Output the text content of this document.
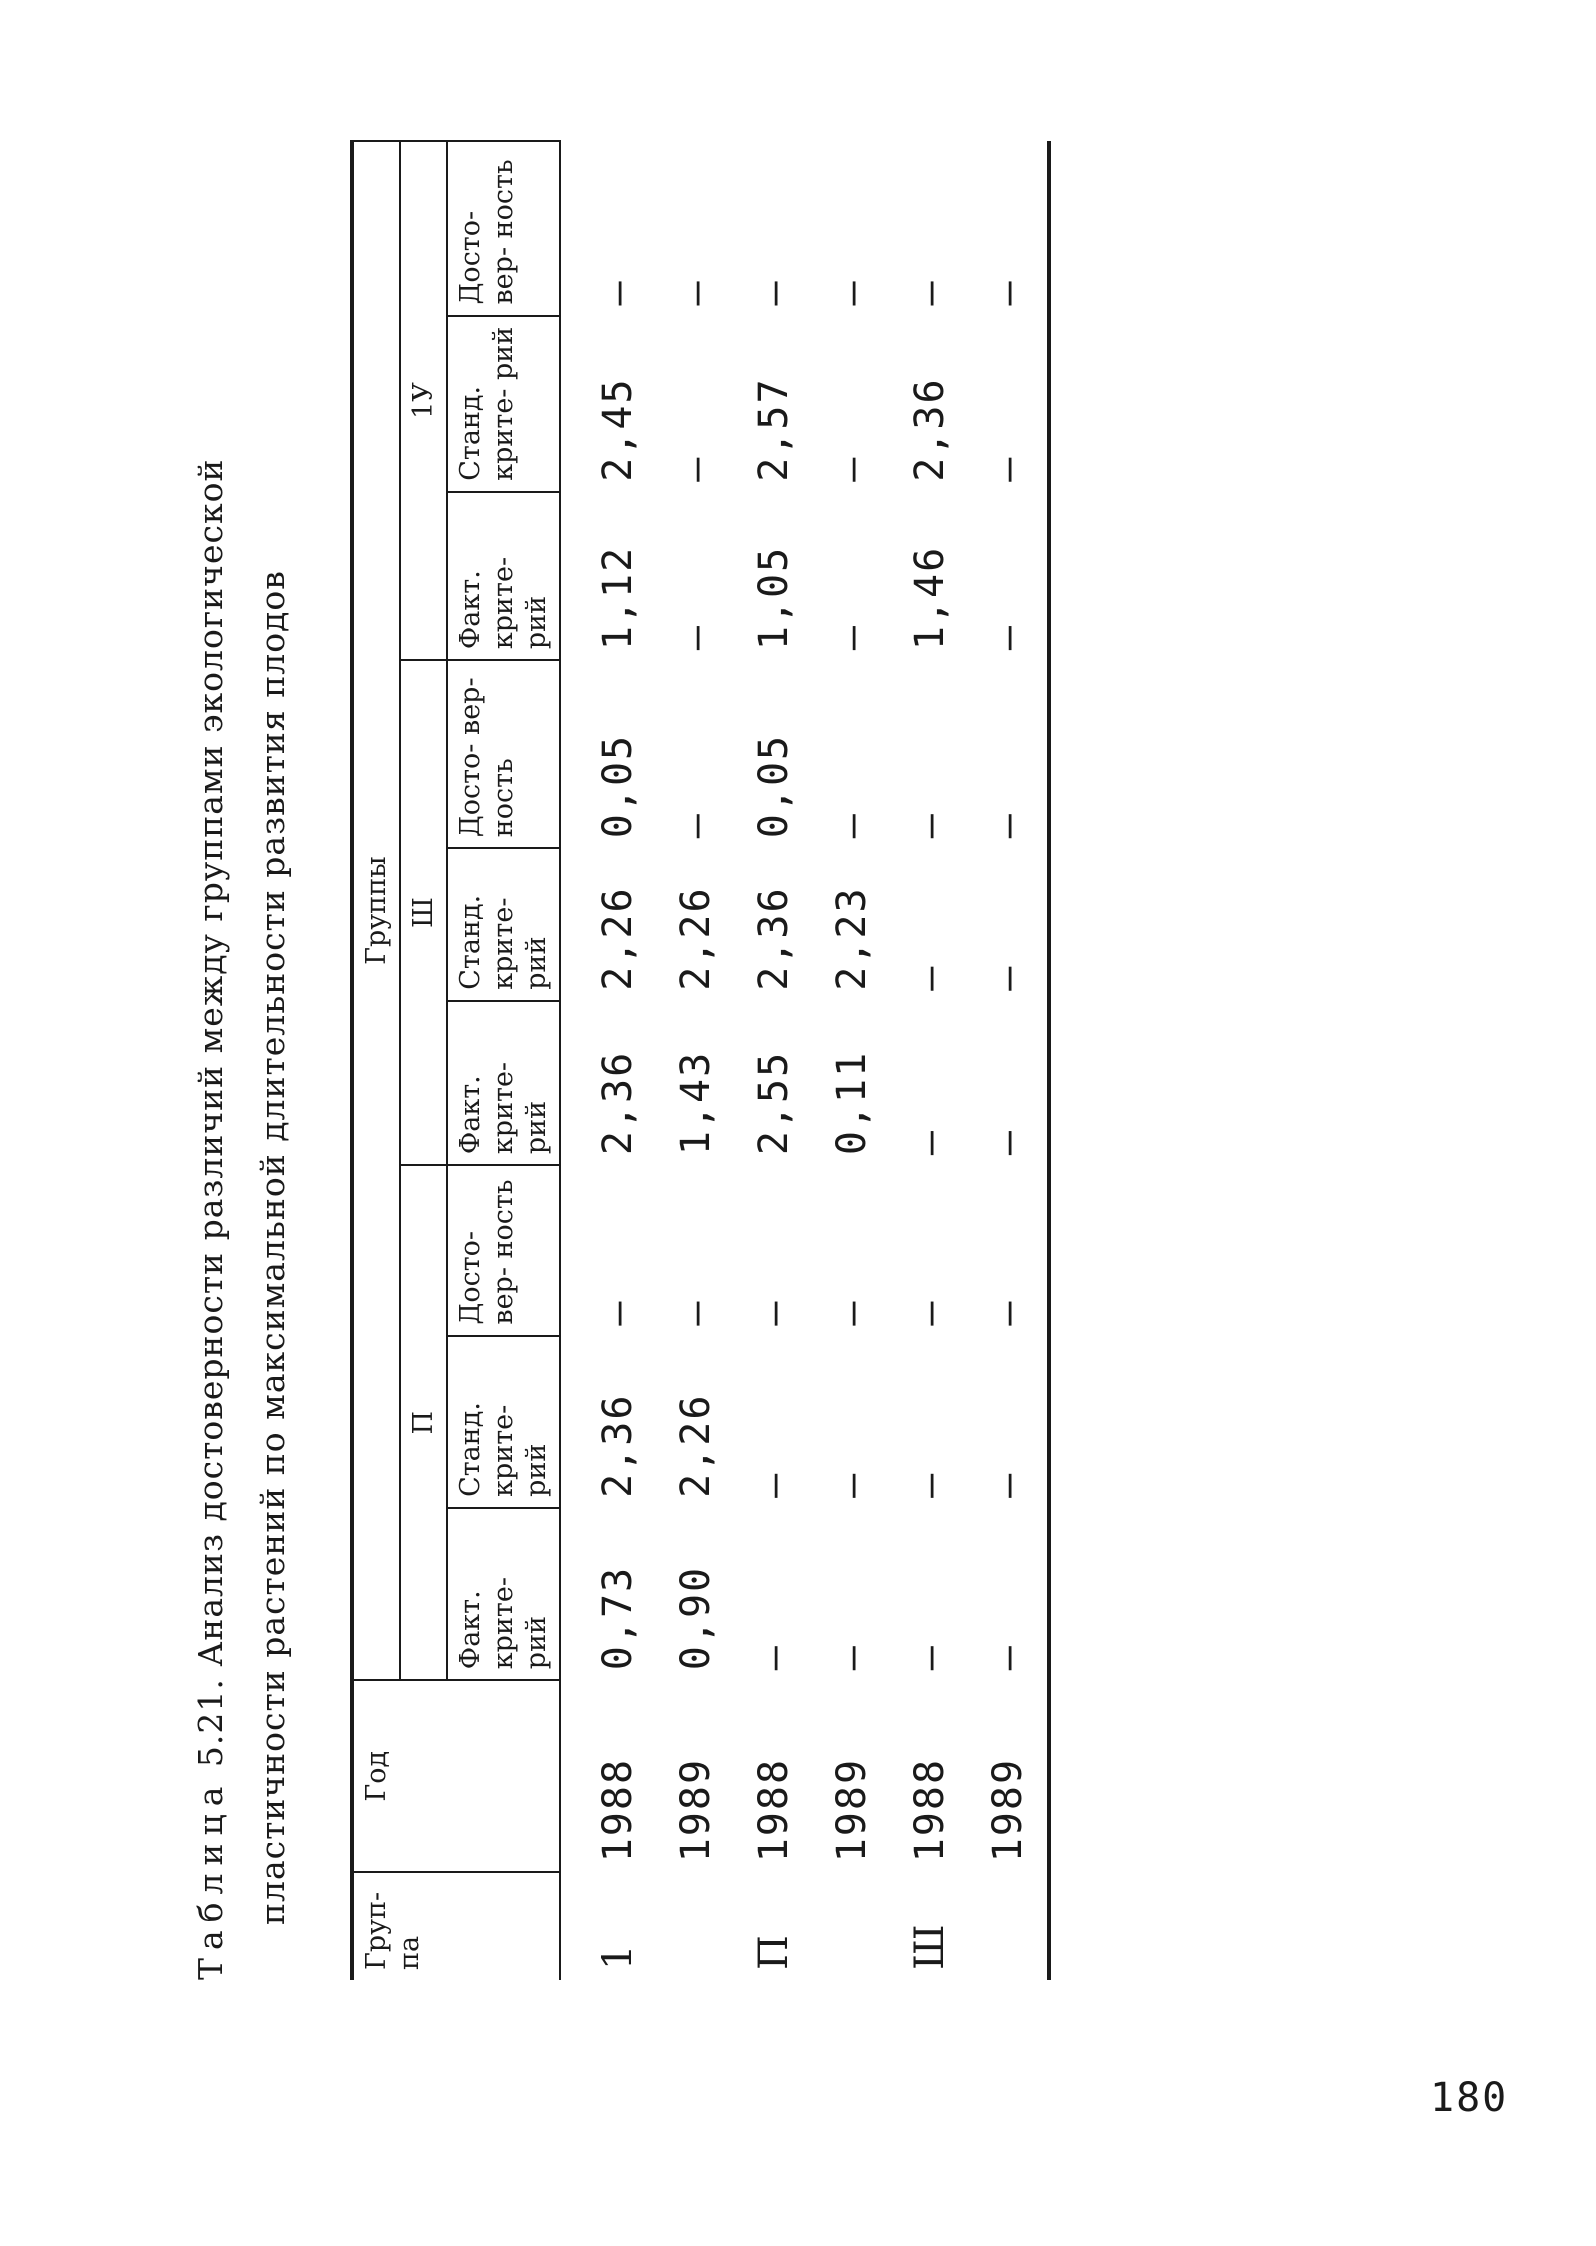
Таблица 5.21. Анализ достоверности различий между группами экологической пластичности растений по максимальной длительности развития плодов
Груп- па	Год	Группы								
		П			Ш			1У		
		Факт. крите- рий	Станд. крите- рий	Досто- вер- ность	Факт. крите- рий	Станд. крите- рий	Досто- вер- ность	Факт. крите- рий	Станд. крите- рий	Досто- вер- ность
1	1988	0,73	2,36	–	2,36	2,26	0,05	1,12	2,45	–
	1989	0,90	2,26	–	1,43	2,26	–	–	–	–
П	1988	–	–	–	2,55	2,36	0,05	1,05	2,57	–
	1989	–	–	–	0,11	2,23	–	–	–	–
Ш	1988	–	–	–	–	–	–	1,46	2,36	–
	1989	–	–	–	–	–	–	–	–	–
180
